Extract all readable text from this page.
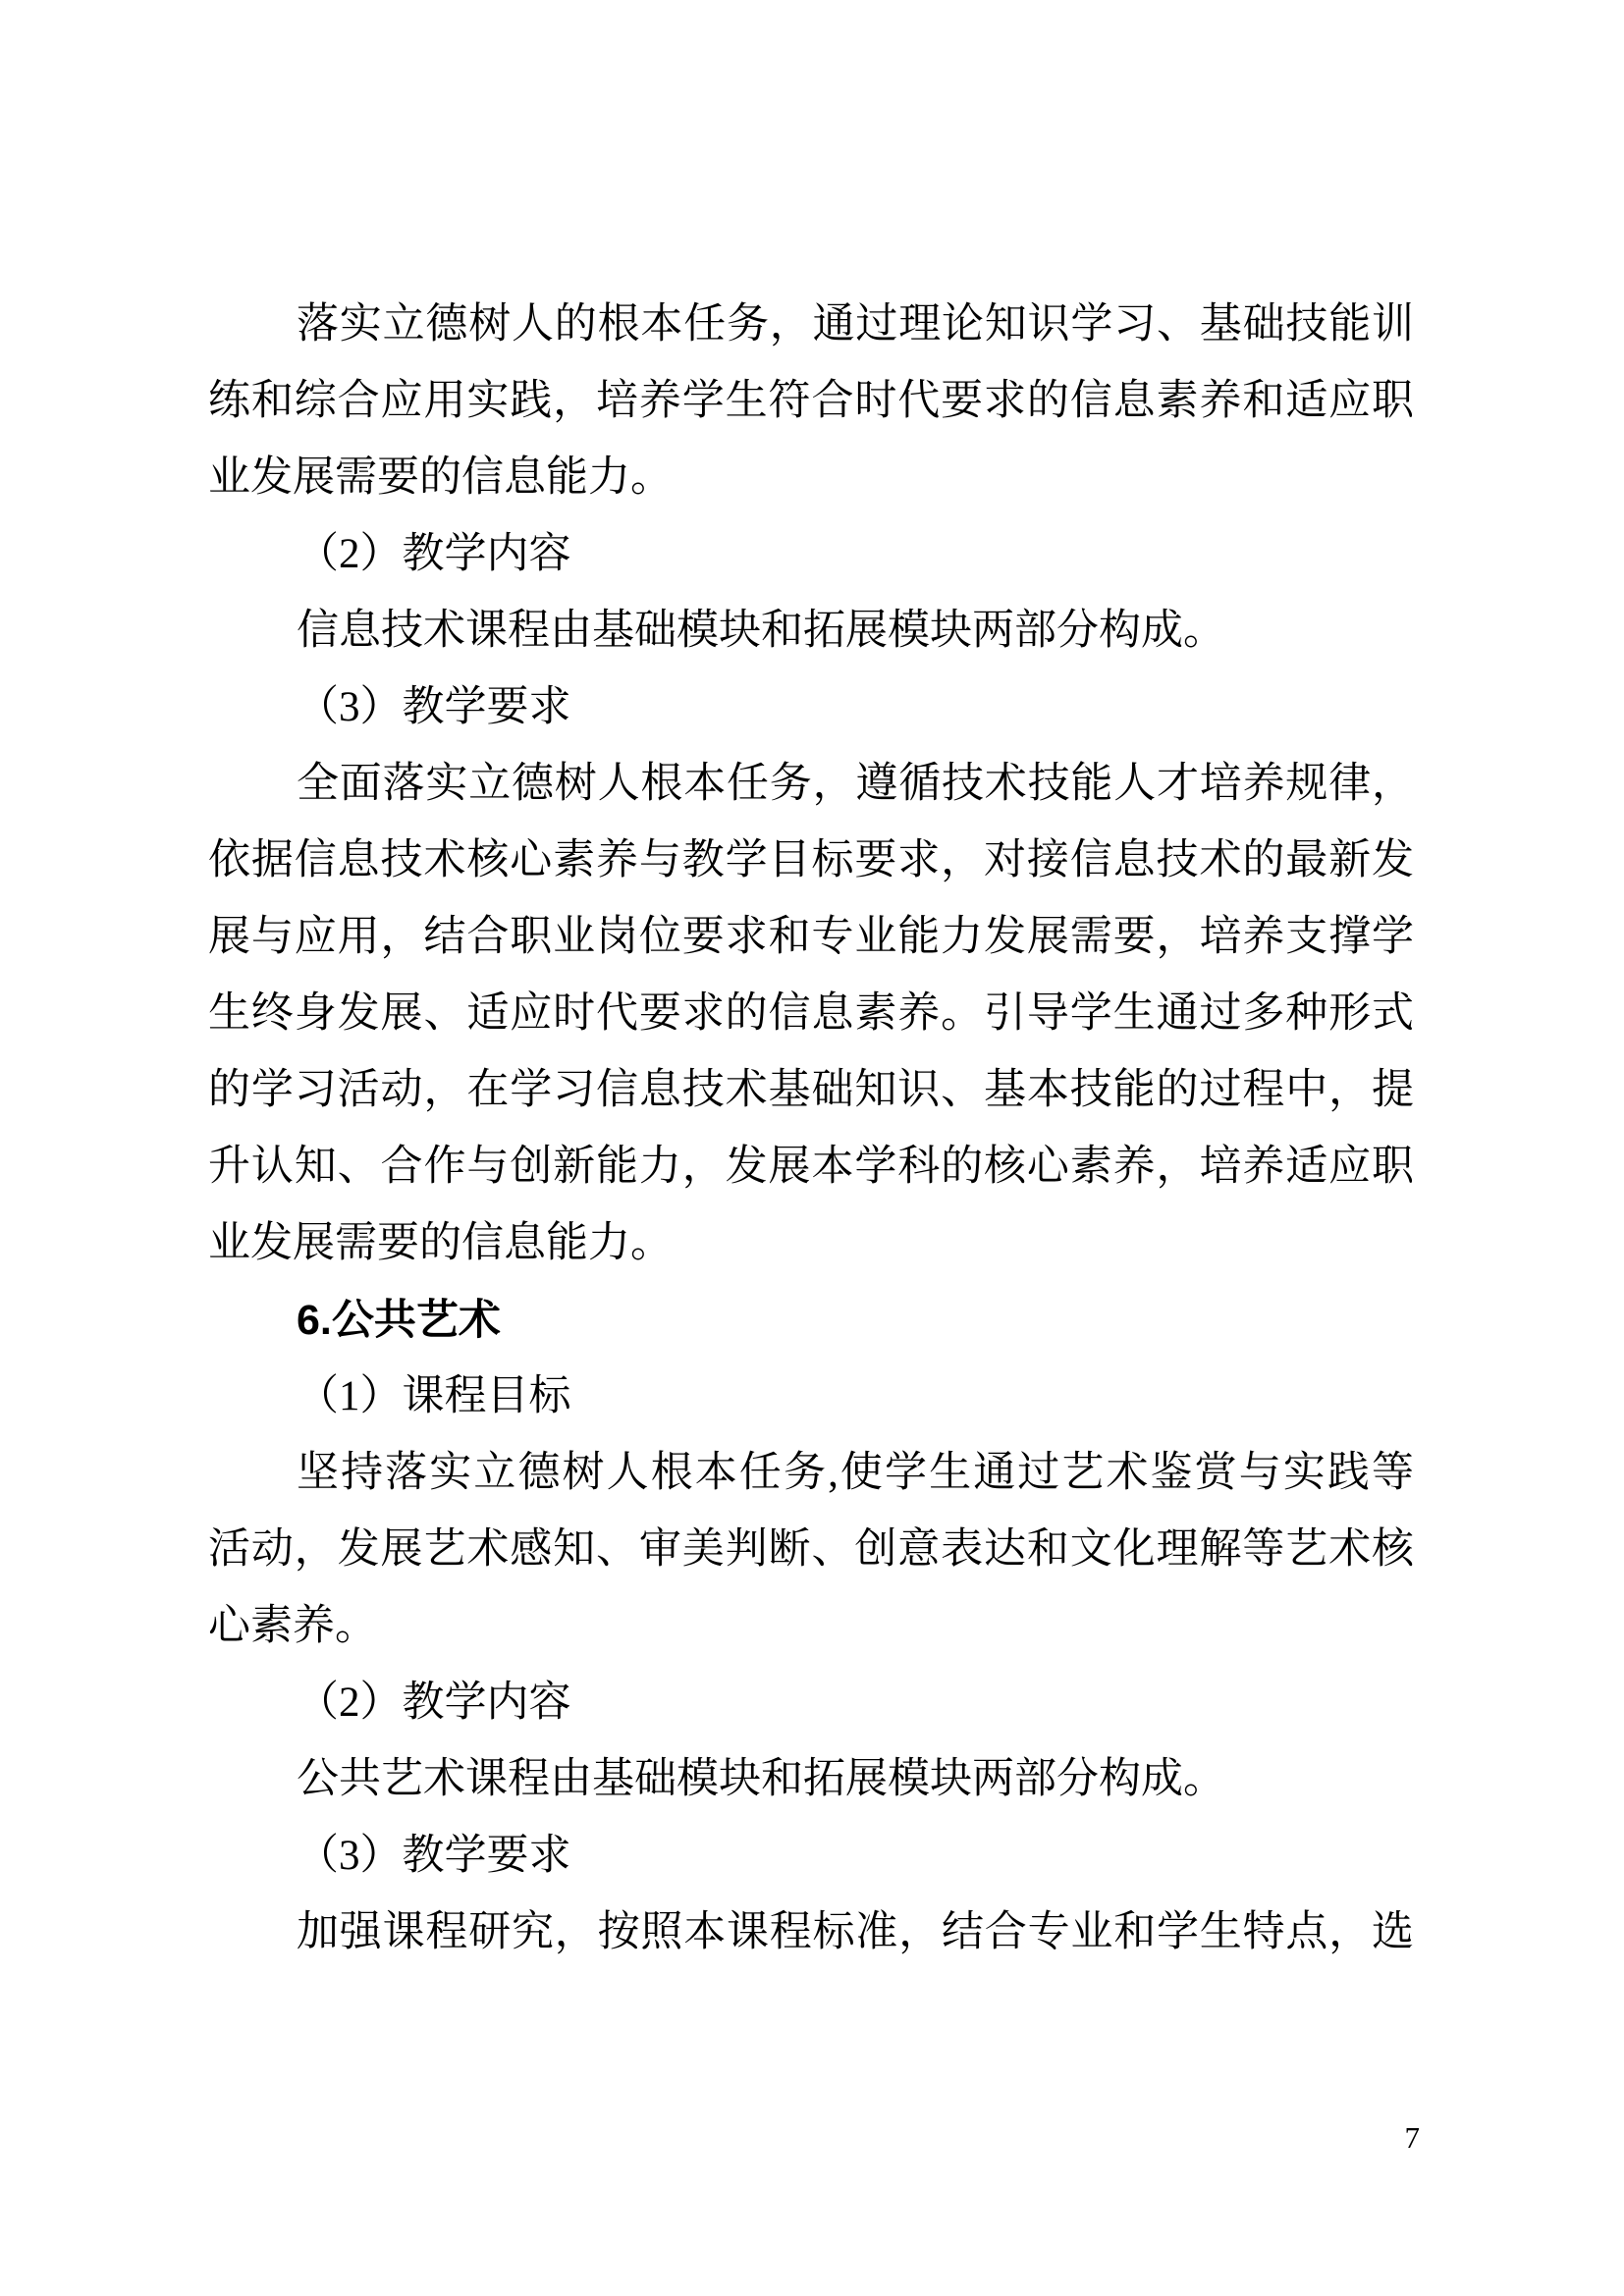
落实立德树人的根本任务，通过理论知识学习、基础技能训
练和综合应用实践，培养学生符合时代要求的信息素养和适应职
业发展需要的信息能力。
（2）教学内容
信息技术课程由基础模块和拓展模块两部分构成。
（3）教学要求
全面落实立德树人根本任务，遵循技术技能人才培养规律，
依据信息技术核心素养与教学目标要求，对接信息技术的最新发
展与应用，结合职业岗位要求和专业能力发展需要，培养支撑学
生终身发展、适应时代要求的信息素养。引导学生通过多种形式
的学习活动，在学习信息技术基础知识、基本技能的过程中，提
升认知、合作与创新能力，发展本学科的核心素养，培养适应职
业发展需要的信息能力。
6.公共艺术
（1）课程目标
坚持落实立德树人根本任务,使学生通过艺术鉴赏与实践等
活动，发展艺术感知、审美判断、创意表达和文化理解等艺术核
心素养。
（2）教学内容
公共艺术课程由基础模块和拓展模块两部分构成。
（3）教学要求
加强课程研究，按照本课程标准，结合专业和学生特点，选
7
